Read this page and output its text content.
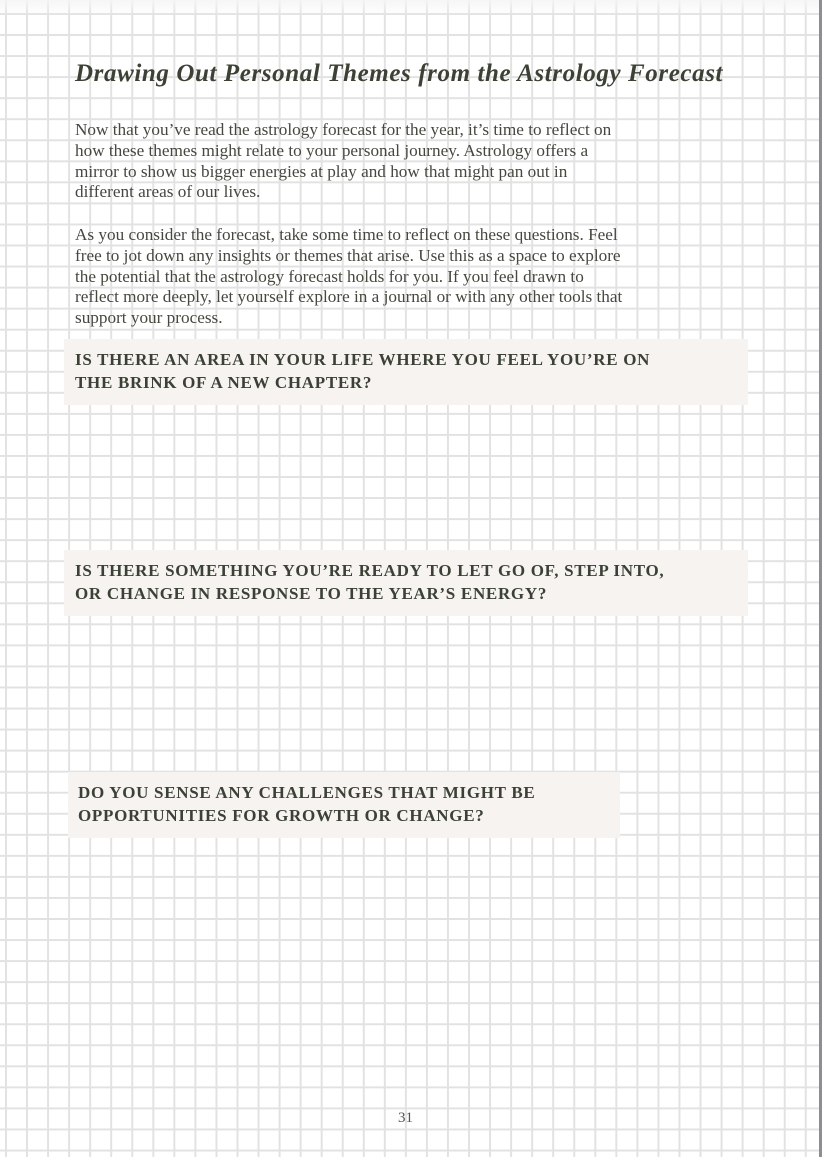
Drawing Out Personal Themes from the Astrology Forecast

Now that you’ve read the astrology forecast for the year, it’s time to reflect on
how these themes might relate to your personal journey. Astrology offers a
mirror to show us bigger energies at play and how that might pan out in
different areas of our lives.

As you consider the forecast, take some time to reflect on these questions. Feel
free to jot down any insights or themes that arise. Use this as a space to explore
the potential that the astrology forecast holds for you. If you feel drawn to
reflect more deeply, let yourself explore in a journal or with any other tools that
support your process.

IS THERE AN AREA IN YOUR LIFE WHERE YOU FEEL YOU’RE ON
THE BRINK OF A NEW CHAPTER?
IS THERE SOMETHING YOU’RE READY TO LET GO OF, STEP INTO,
OR CHANGE IN RESPONSE TO THE YEAR’S ENERGY?
DO YOU SENSE ANY CHALLENGES THAT MIGHT BE
OPPORTUNITIES FOR GROWTH OR CHANGE?
31
